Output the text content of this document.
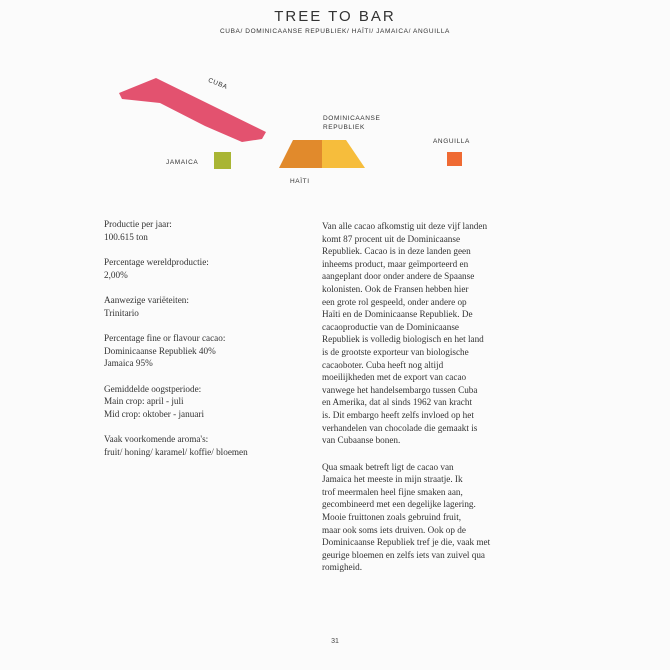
TREE TO BAR
CUBA/ DOMINICAANSE REPUBLIEK/ HAÏTI/ JAMAICA/ ANGUILLA
CUBA
JAMAICA
DOMINICAANSE
REPUBLIEK
HAÏTI
ANGUILLA
Productie per jaar:
100.615 ton
Percentage wereldproductie:
2,00%
Aanwezige variëteiten:
Trinitario
Percentage fine or flavour cacao:
Dominicaanse Republiek 40%
Jamaica 95%
Gemiddelde oogstperiode:
Main crop: april - juli
Mid crop: oktober - januari
Vaak voorkomende aroma's:
fruit/ honing/ karamel/ koffie/ bloemen
Van alle cacao afkomstig uit deze vijf landen
komt 87 procent uit de Dominicaanse
Republiek. Cacao is in deze landen geen
inheems product, maar geïmporteerd en
aangeplant door onder andere de Spaanse
kolonisten. Ook de Fransen hebben hier
een grote rol gespeeld, onder andere op
Haïti en de Dominicaanse Republiek. De
cacaoproductie van de Dominicaanse
Republiek is volledig biologisch en het land
is de grootste exporteur van biologische
cacaoboter. Cuba heeft nog altijd
moeilijkheden met de export van cacao
vanwege het handelsembargo tussen Cuba
en Amerika, dat al sinds 1962 van kracht
is. Dit embargo heeft zelfs invloed op het
verhandelen van chocolade die gemaakt is
van Cubaanse bonen.
Qua smaak betreft ligt de cacao van
Jamaica het meeste in mijn straatje. Ik
trof meermalen heel fijne smaken aan,
gecombineerd met een degelijke lagering.
Mooie fruittonen zoals gebruind fruit,
maar ook soms iets druiven. Ook op de
Dominicaanse Republiek tref je die, vaak met
geurige bloemen en zelfs iets van zuivel qua
romigheid.
31
